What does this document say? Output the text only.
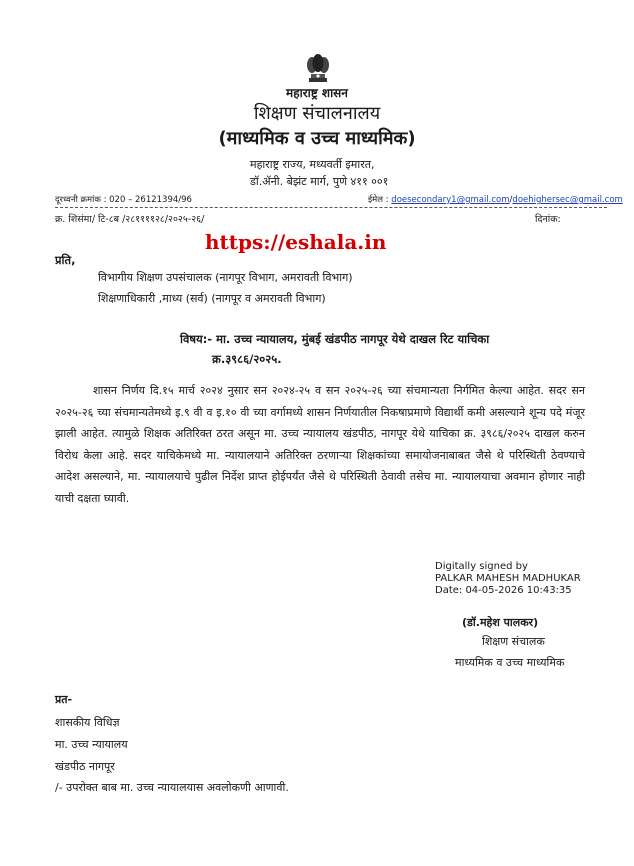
महाराष्ट्र शासन
शिक्षण संचालनालय
(माध्यमिक व उच्च माध्यमिक)
महाराष्ट्र राज्य, मध्यवर्ती इमारत,
डॉ.ॲनी. बेझंट मार्ग, पुणे ४११ ००१
दूरध्वनी क्रमांक : 020 – 26121394/96	ईमेल : doesecondary1@gmail.com/doehighersec@gmail.com
क्र. शिसंमा/ टि-८ब /२८११११२८/२०२५-२६/	दिनांक:
https://eshala.in
प्रति,
विभागीय शिक्षण उपसंचालक (नागपूर विभाग, अमरावती विभाग)
शिक्षणाधिकारी ,माध्य (सर्व) (नागपूर व अमरावती विभाग)
विषय:- मा. उच्च न्यायालय, मुंबई खंडपीठ नागपूर येथे दाखल रिट याचिका
क्र.३९८६/२०२५.
शासन निर्णय दि.१५ मार्च २०२४ नुसार सन २०२४-२५ व सन २०२५-२६ च्या संचमान्यता निर्गमित केल्या आहेत. सदर सन २०२५-२६ च्या संचमान्यतेमध्ये इ.९ वी व इ.१० वी च्या वर्गामध्ये शासन निर्णयातील निकषाप्रमाणे विद्यार्थी कमी असल्याने शून्य पदे मंजूर झाली आहेत. त्यामुळे शिक्षक अतिरिक्त ठरत असून मा. उच्च न्यायालय खंडपीठ, नागपूर येथे याचिका क्र. ३९८६/२०२५ दाखल करुन विरोध केला आहे. सदर याचिकेमध्ये मा. न्यायालयाने अतिरिक्त ठरणाऱ्या शिक्षकांच्या समायोजनाबाबत जैसे थे परिस्थिती ठेवण्याचे आदेश असल्याने, मा. न्यायालयाचे पुढील निर्देश प्राप्त होईपर्यंत जैसे थे परिस्थिती ठेवावी तसेच मा. न्यायालयाचा अवमान होणार नाही याची दक्षता घ्यावी.
Digitally signed by
PALKAR MAHESH MADHUKAR
Date: 04-05-2026 10:43:35
(डॉ.महेश पालकर)
शिक्षण संचालक
माध्यमिक व उच्च माध्यमिक
प्रत-
शासकीय विधिज्ञ
मा. उच्च न्यायालय
खंडपीठ नागपूर
/- उपरोक्त बाब मा. उच्च न्यायालयास अवलोकणी आणावी.
